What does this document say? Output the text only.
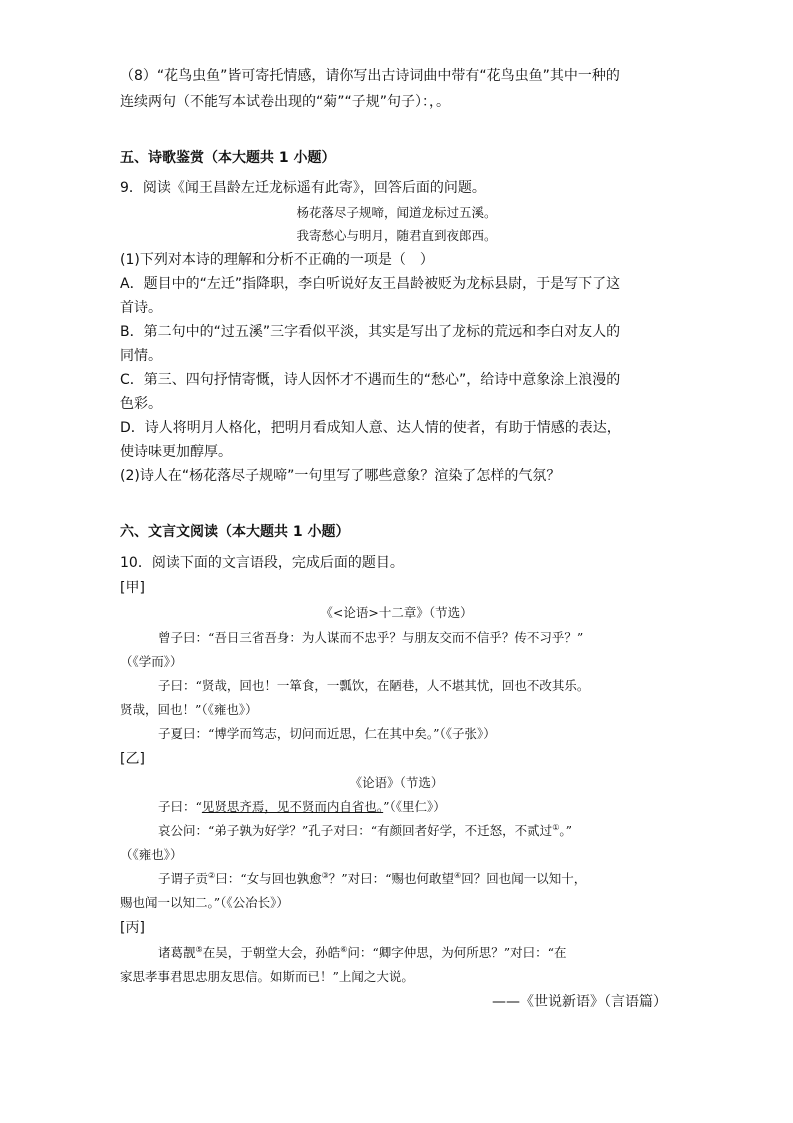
（8）“花鸟虫鱼”皆可寄托情感，请你写出古诗词曲中带有“花鸟虫鱼”其中一种的
连续两句（不能写本试卷出现的“菊”“子规”句子）：，。
五、诗歌鉴赏（本大题共 1 小题）
9．阅读《闻王昌龄左迁龙标遥有此寄》，回答后面的问题。
杨花落尽子规啼，闻道龙标过五溪。
我寄愁心与明月，随君直到夜郎西。
(1)下列对本诗的理解和分析不正确的一项是（　）
A．题目中的“左迁”指降职，李白听说好友王昌龄被贬为龙标县尉，于是写下了这
首诗。
B．第二句中的“过五溪”三字看似平淡，其实是写出了龙标的荒远和李白对友人的
同情。
C．第三、四句抒情寄慨，诗人因怀才不遇而生的“愁心”，给诗中意象涂上浪漫的
色彩。
D．诗人将明月人格化，把明月看成知人意、达人情的使者，有助于情感的表达，
使诗味更加醇厚。
(2)诗人在“杨花落尽子规啼”一句里写了哪些意象？渲染了怎样的气氛？
六、文言文阅读（本大题共 1 小题）
10．阅读下面的文言语段，完成后面的题目。
[甲]
《<论语>十二章》（节选）
曾子曰：“吾日三省吾身：为人谋而不忠乎？与朋友交而不信乎？传不习乎？”
（《学而》）
子曰：“贤哉，回也！一箪食，一瓢饮，在陋巷，人不堪其忧，回也不改其乐。
贤哉，回也！”（《雍也》）
子夏曰：“博学而笃志，切问而近思，仁在其中矣。”（《子张》）
[乙]
《论语》（节选）
子曰：“见贤思齐焉，见不贤而内自省也。”（《里仁》）
哀公问：“弟子孰为好学？”孔子对曰：“有颜回者好学，不迁怒，不贰过①。”
（《雍也》）
子谓子贡②曰：“女与回也孰愈③？”对曰：“赐也何敢望④回？回也闻一以知十，
赐也闻一以知二。”（《公冶长》）
[丙]
诸葛靓⑤在吴，于朝堂大会，孙皓⑥问：“卿字仲思，为何所思？”对曰：“在
家思孝事君思忠朋友思信。如斯而已！”上闻之大说。
——《世说新语》（言语篇）
